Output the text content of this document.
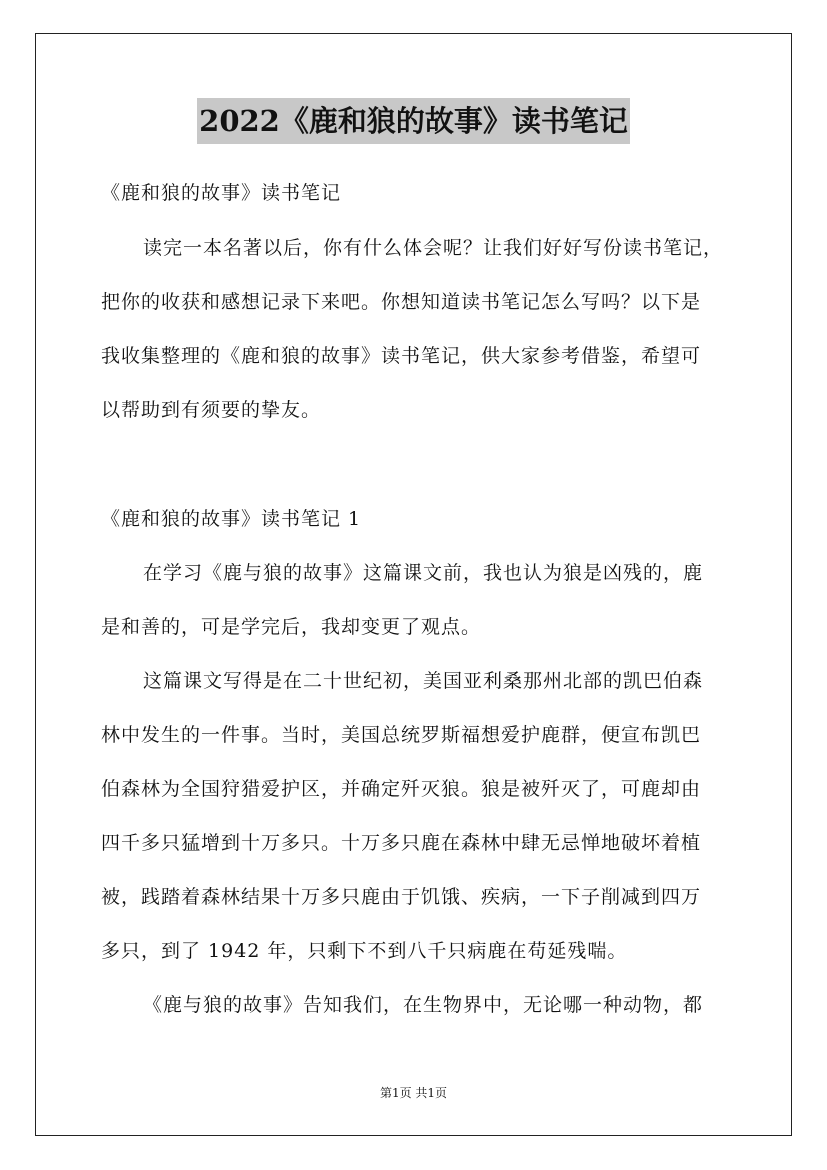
2022《鹿和狼的故事》读书笔记
《鹿和狼的故事》读书笔记
读完一本名著以后，你有什么体会呢？让我们好好写份读书笔记，
把你的收获和感想记录下来吧。你想知道读书笔记怎么写吗？以下是
我收集整理的《鹿和狼的故事》读书笔记，供大家参考借鉴，希望可
以帮助到有须要的挚友。
《鹿和狼的故事》读书笔记 1
在学习《鹿与狼的故事》这篇课文前，我也认为狼是凶残的，鹿
是和善的，可是学完后，我却变更了观点。
这篇课文写得是在二十世纪初，美国亚利桑那州北部的凯巴伯森
林中发生的一件事。当时，美国总统罗斯福想爱护鹿群，便宣布凯巴
伯森林为全国狩猎爱护区，并确定歼灭狼。狼是被歼灭了，可鹿却由
四千多只猛增到十万多只。十万多只鹿在森林中肆无忌惮地破坏着植
被，践踏着森林结果十万多只鹿由于饥饿、疾病，一下子削减到四万
多只，到了 1942 年，只剩下不到八千只病鹿在苟延残喘。
《鹿与狼的故事》告知我们，在生物界中，无论哪一种动物，都
第1页 共1页
